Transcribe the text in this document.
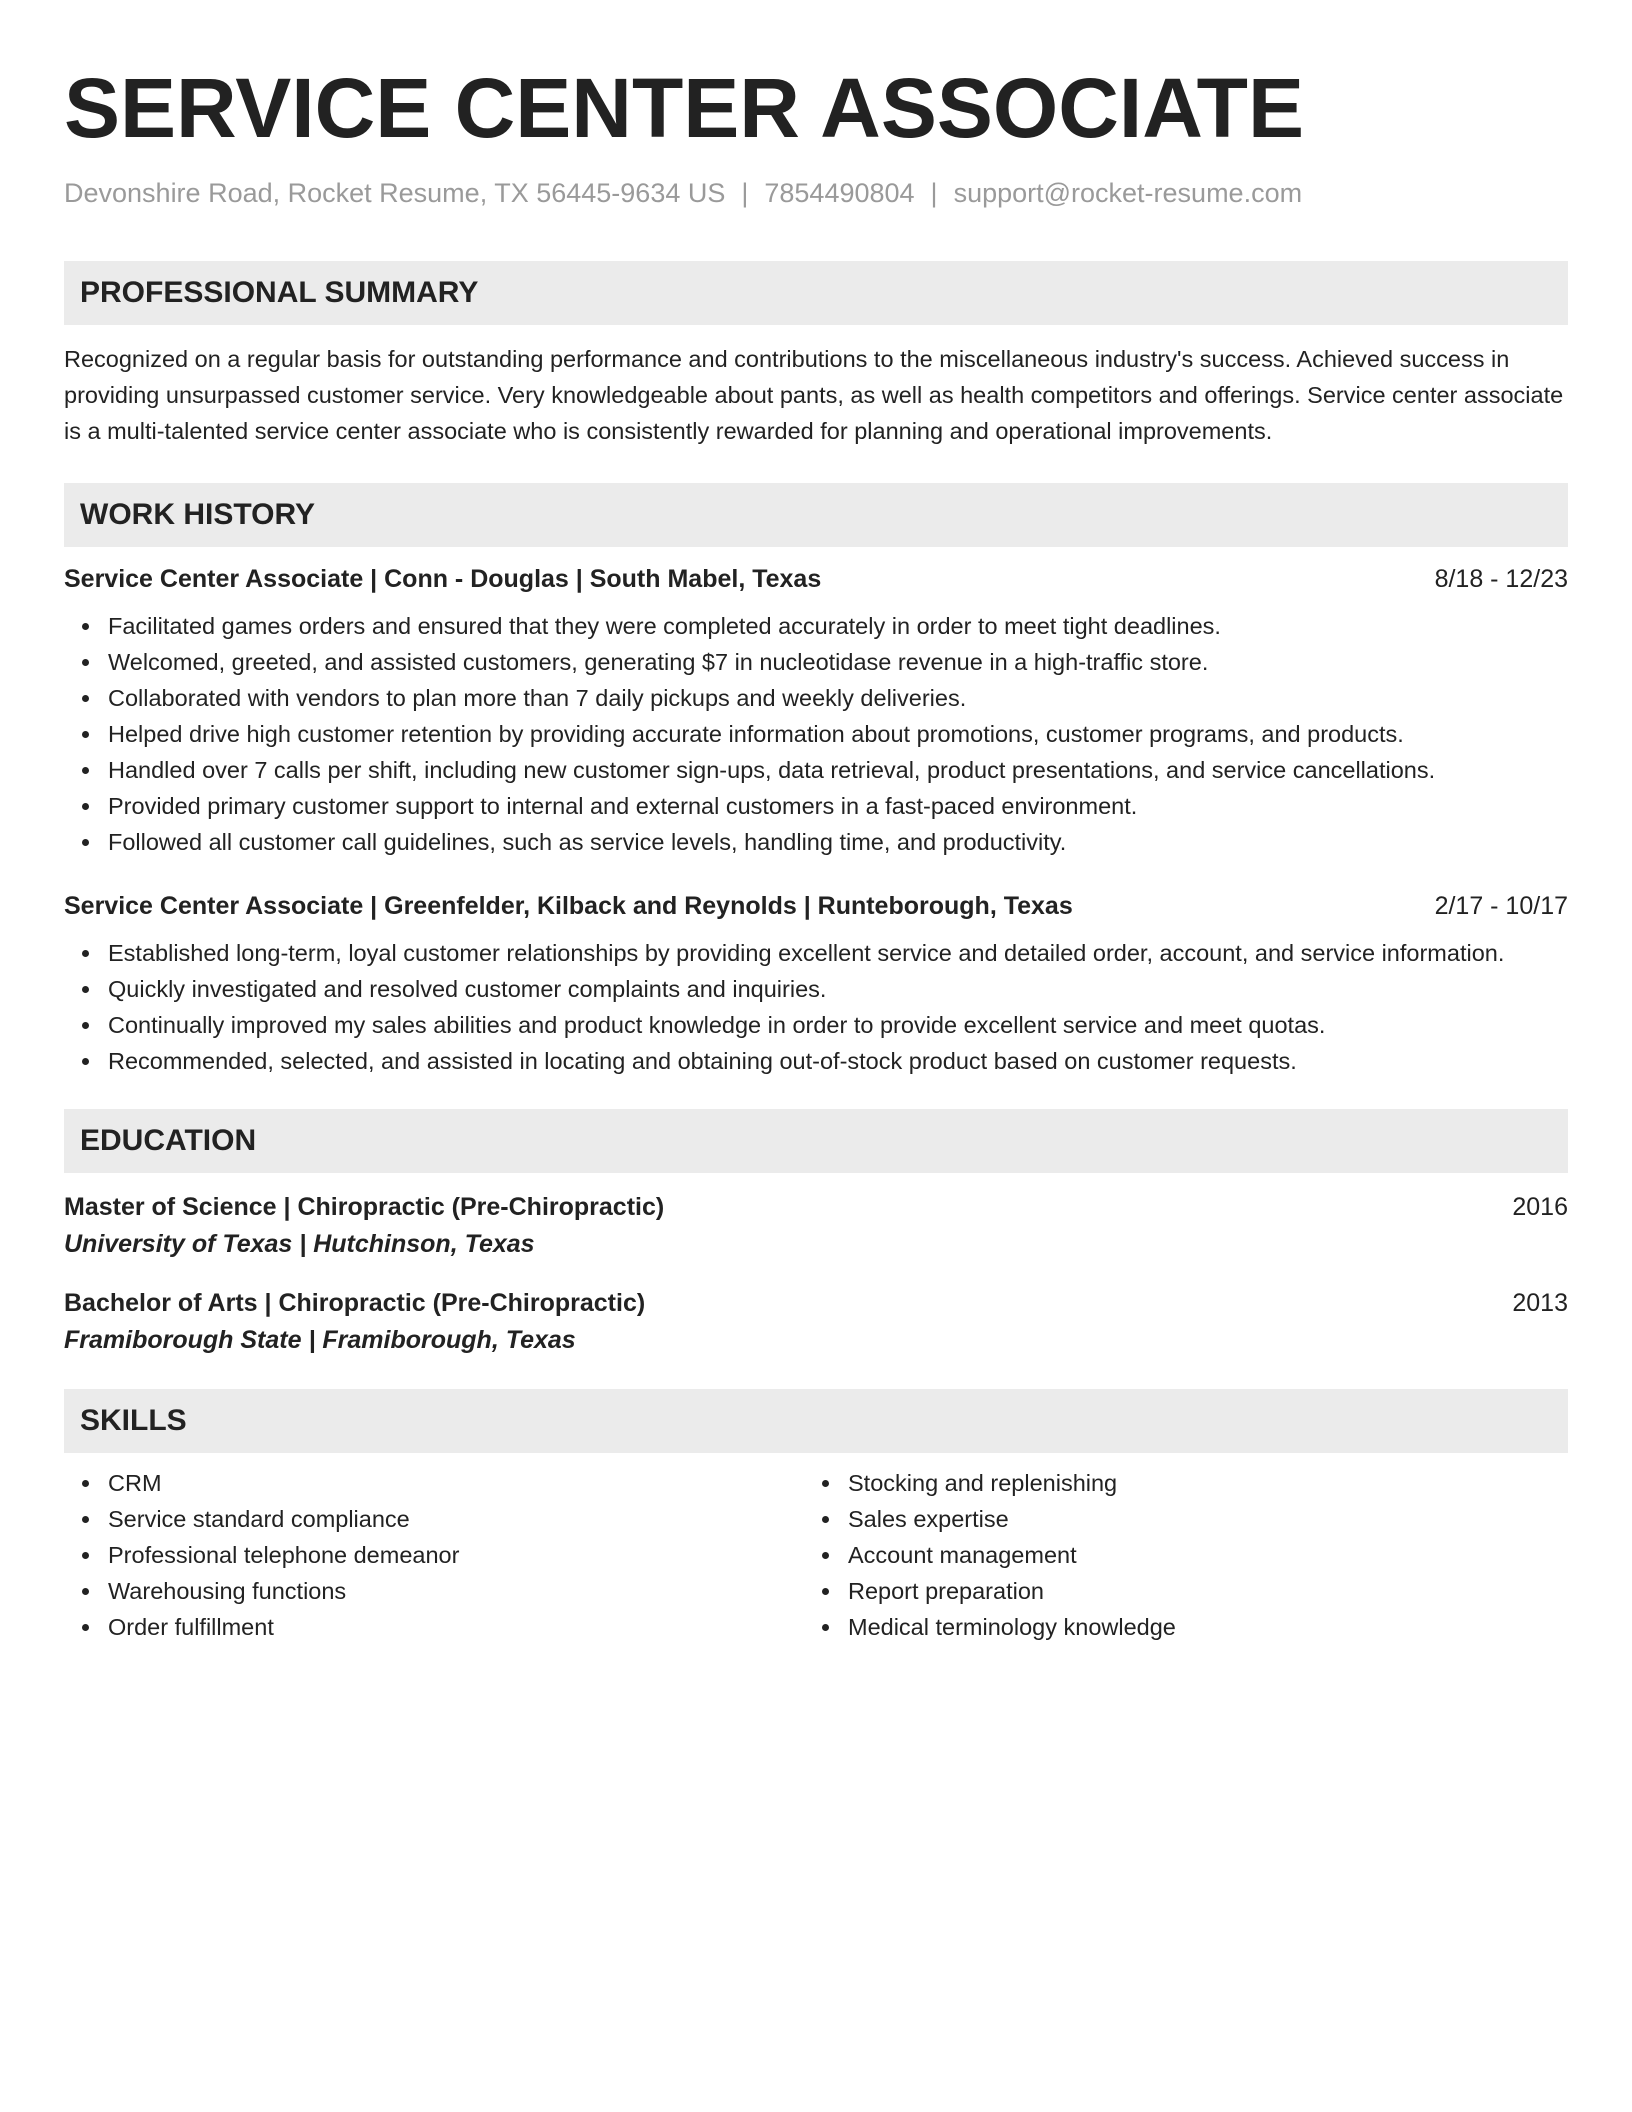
SERVICE CENTER ASSOCIATE
Devonshire Road, Rocket Resume, TX 56445-9634 US | 7854490804 | support@rocket-resume.com
PROFESSIONAL SUMMARY
Recognized on a regular basis for outstanding performance and contributions to the miscellaneous industry's success. Achieved success in providing unsurpassed customer service. Very knowledgeable about pants, as well as health competitors and offerings. Service center associate is a multi-talented service center associate who is consistently rewarded for planning and operational improvements.
WORK HISTORY
Service Center Associate | Conn - Douglas | South Mabel, Texas	8/18 - 12/23
Facilitated games orders and ensured that they were completed accurately in order to meet tight deadlines.
Welcomed, greeted, and assisted customers, generating $7 in nucleotidase revenue in a high-traffic store.
Collaborated with vendors to plan more than 7 daily pickups and weekly deliveries.
Helped drive high customer retention by providing accurate information about promotions, customer programs, and products.
Handled over 7 calls per shift, including new customer sign-ups, data retrieval, product presentations, and service cancellations.
Provided primary customer support to internal and external customers in a fast-paced environment.
Followed all customer call guidelines, such as service levels, handling time, and productivity.
Service Center Associate | Greenfelder, Kilback and Reynolds | Runteborough, Texas	2/17 - 10/17
Established long-term, loyal customer relationships by providing excellent service and detailed order, account, and service information.
Quickly investigated and resolved customer complaints and inquiries.
Continually improved my sales abilities and product knowledge in order to provide excellent service and meet quotas.
Recommended, selected, and assisted in locating and obtaining out-of-stock product based on customer requests.
EDUCATION
Master of Science | Chiropractic (Pre-Chiropractic)	2016
University of Texas | Hutchinson, Texas
Bachelor of Arts | Chiropractic (Pre-Chiropractic)	2013
Framiborough State | Framiborough, Texas
SKILLS
CRM
Service standard compliance
Professional telephone demeanor
Warehousing functions
Order fulfillment
Stocking and replenishing
Sales expertise
Account management
Report preparation
Medical terminology knowledge
